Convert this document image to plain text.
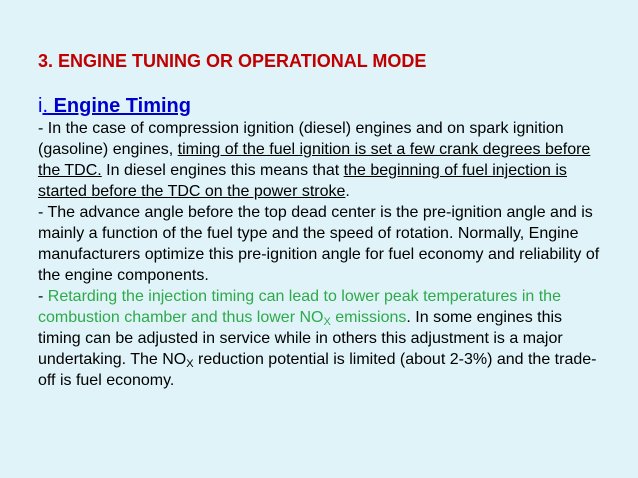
3. ENGINE TUNING OR OPERATIONAL MODE
i. Engine Timing

- In the case of compression ignition (diesel) engines and on spark ignition (gasoline) engines, timing of the fuel ignition is set a few crank degrees before the TDC. In diesel engines this means that the beginning of fuel injection is started before the TDC on the power stroke.

- The advance angle before the top dead center is the pre-ignition angle and is mainly a function of the fuel type and the speed of rotation. Normally, Engine manufacturers optimize this pre-ignition angle for fuel economy and reliability of the engine components.

- Retarding the injection timing can lead to lower peak temperatures in the combustion chamber and thus lower $NO_X$ emissions. In some engines this timing can be adjusted in service while in others this adjustment is a major undertaking. The $NO_X$ reduction potential is limited (about 2-3%) and the trade-off is fuel economy.
